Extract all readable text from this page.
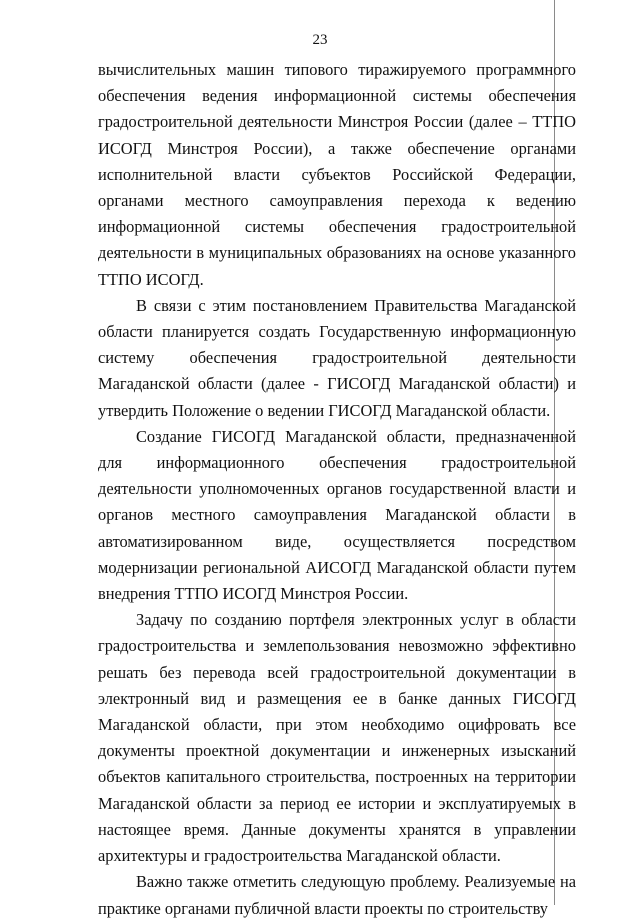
23

вычислительных машин типового тиражируемого программного обеспечения ведения информационной системы обеспечения градостроительной деятельности Минстроя России (далее – ТТПО ИСОГД Минстроя России), а также обеспечение органами исполнительной власти субъектов Российской Федерации, органами местного самоуправления перехода к ведению информационной системы обеспечения градостроительной деятельности в муниципальных образованиях на основе указанного ТТПО ИСОГД.

В связи с этим постановлением Правительства Магаданской области планируется создать Государственную информационную систему обеспечения градостроительной деятельности Магаданской области (далее - ГИСОГД Магаданской области) и утвердить Положение о ведении ГИСОГД Магаданской области.

Создание ГИСОГД Магаданской области, предназначенной для информационного обеспечения градостроительной деятельности уполномоченных органов государственной власти и органов местного самоуправления Магаданской области в автоматизированном виде, осуществляется посредством модернизации региональной АИСОГД Магаданской области путем внедрения ТТПО ИСОГД Минстроя России.

Задачу по созданию портфеля электронных услуг в области градостроительства и землепользования невозможно эффективно решать без перевода всей градостроительной документации в электронный вид и размещения ее в банке данных ГИСОГД Магаданской области, при этом необходимо оцифровать все документы проектной документации и инженерных изысканий объектов капитального строительства, построенных на территории Магаданской области за период ее истории и эксплуатируемых в настоящее время. Данные документы хранятся в управлении архитектуры и градостроительства Магаданской области.

Важно также отметить следующую проблему. Реализуемые на практике органами публичной власти проекты по строительству
